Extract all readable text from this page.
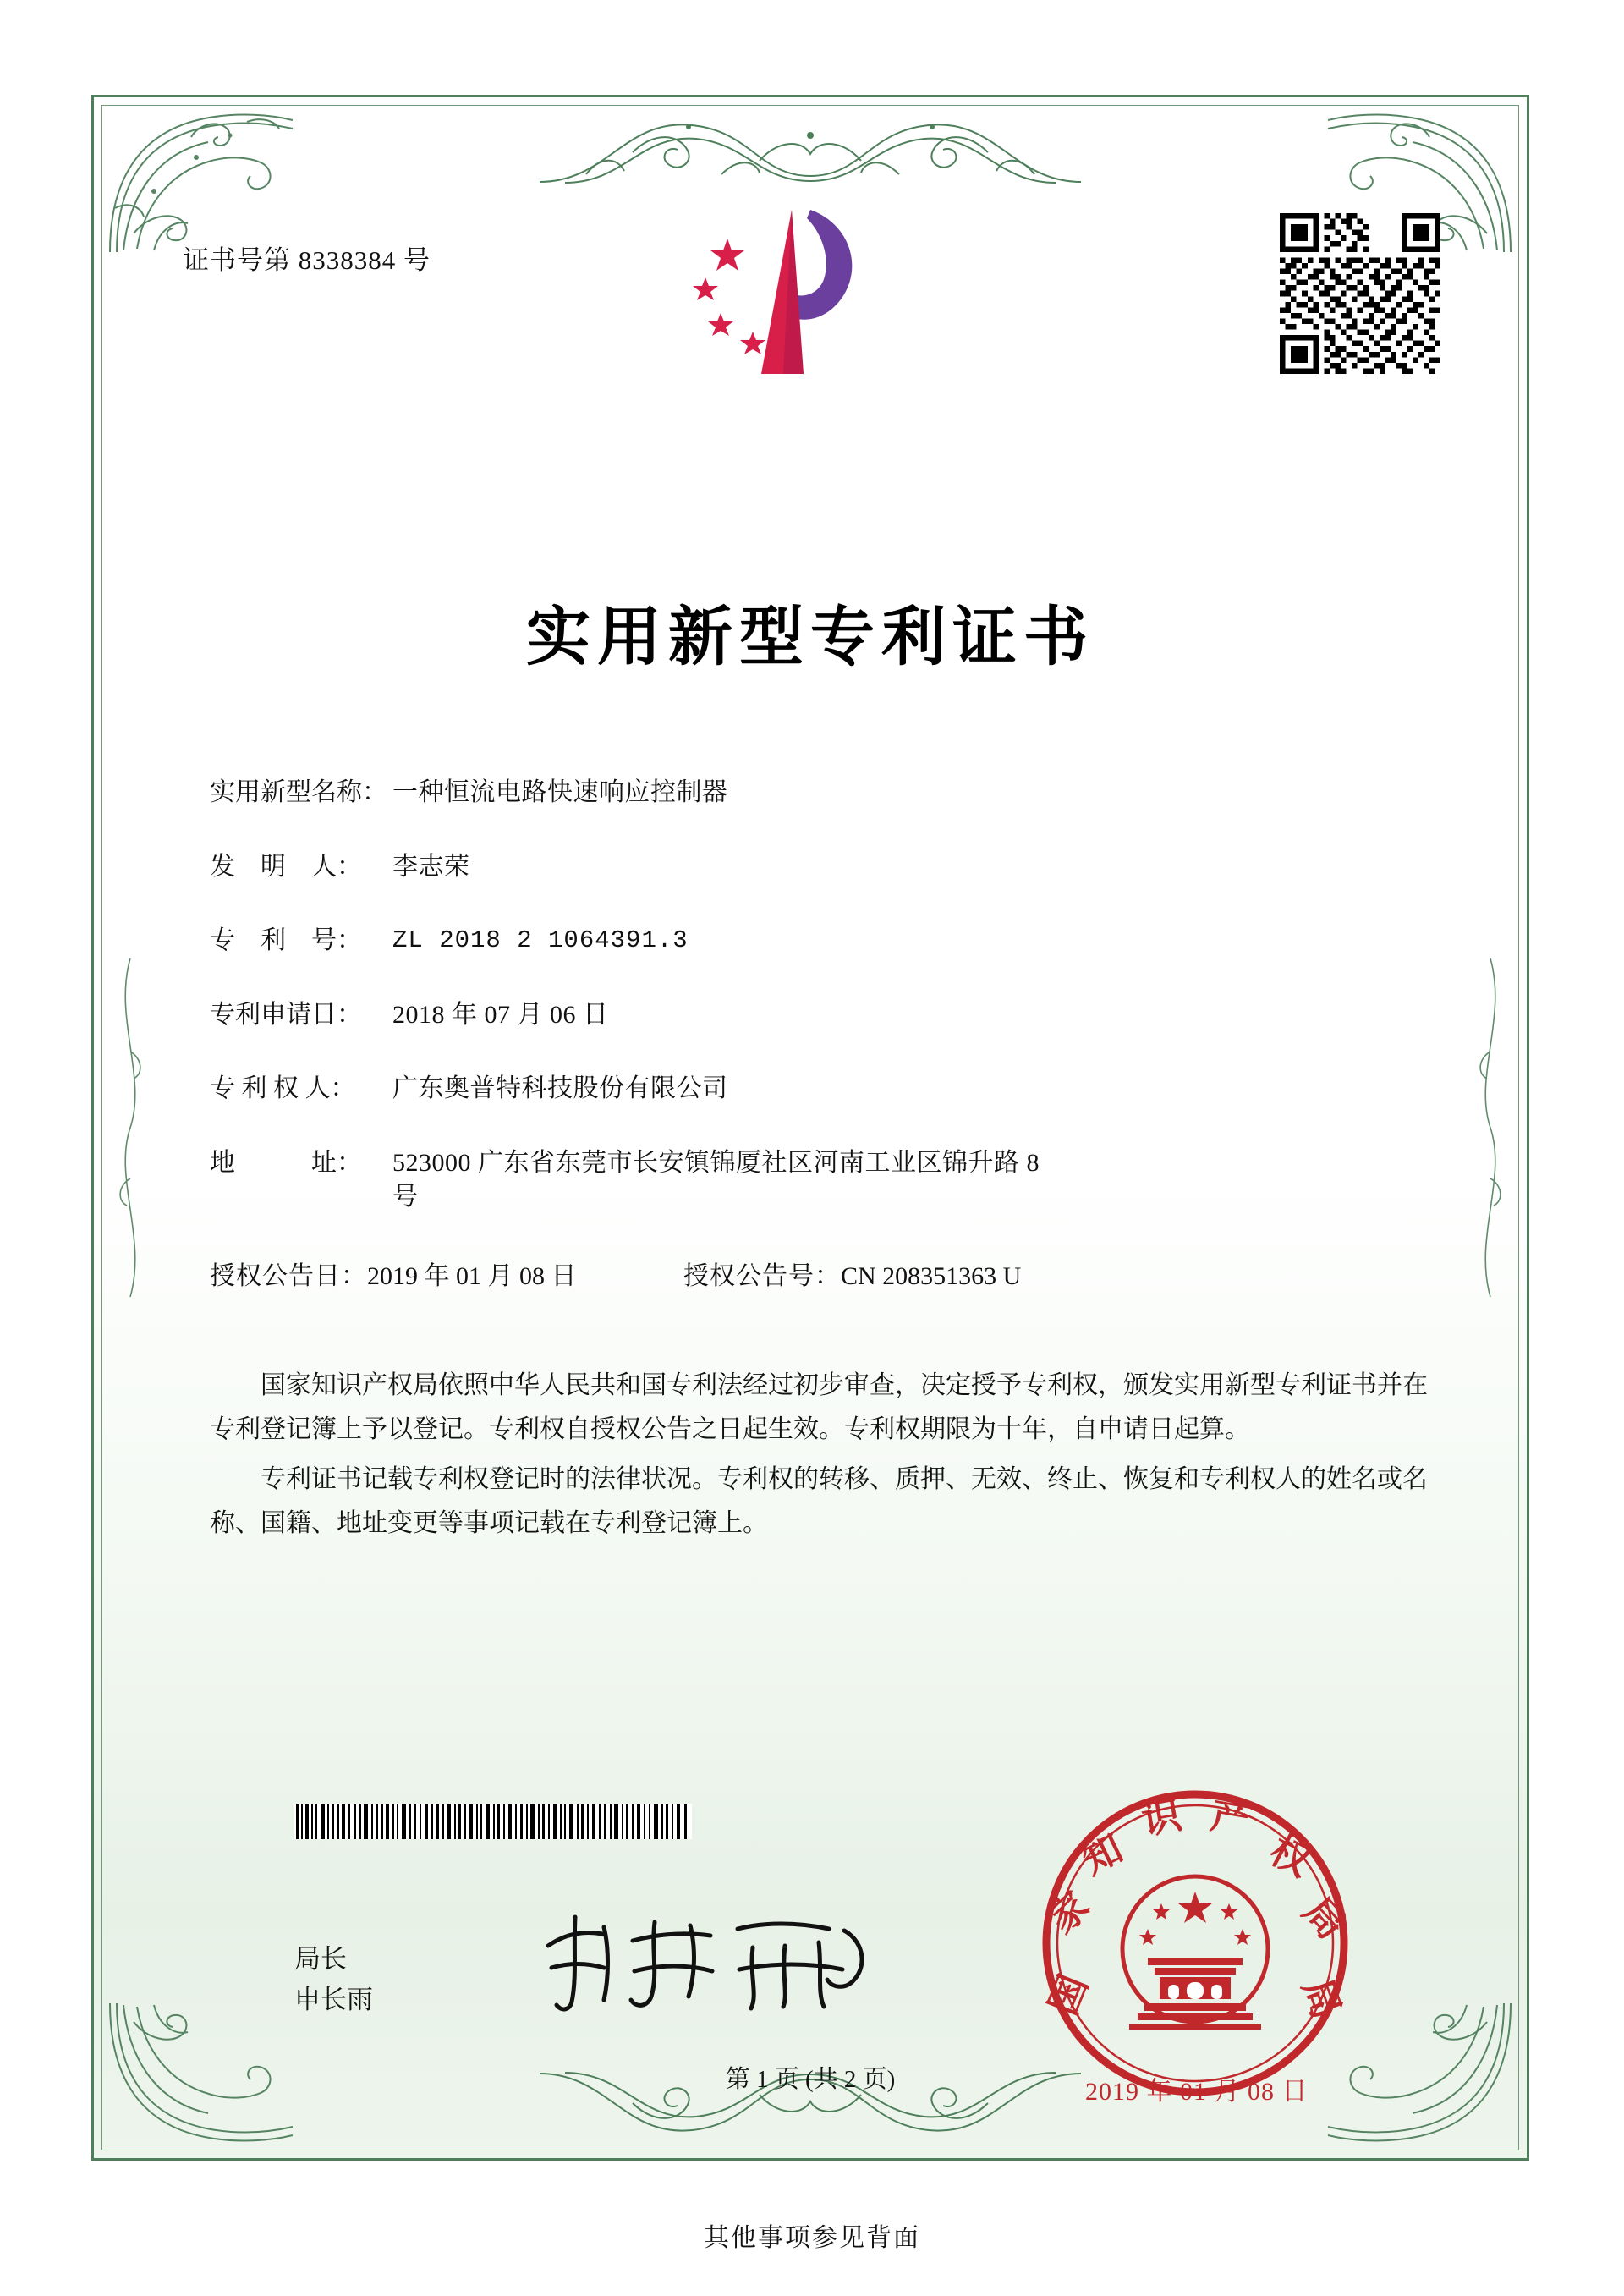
证书号第 8338384 号
实用新型专利证书
实用新型名称： 一种恒流电路快速响应控制器
发　明　人：	李志荣
专　利　号：	ZL 2018 2 1064391.3
专利申请日：	2018 年 07 月 06 日
专 利 权 人：	广东奥普特科技股份有限公司
地　　　址：	523000 广东省东莞市长安镇锦厦社区河南工业区锦升路 8
号
授权公告日：2019 年 01 月 08 日	授权公告号：CN 208351363 U

国家知识产权局依照中华人民共和国专利法经过初步审查，决定授予专利权，颁发实用新型专利证书并在专利登记簿上予以登记。专利权自授权公告之日起生效。专利权期限为十年，自申请日起算。

专利证书记载专利权登记时的法律状况。专利权的转移、质押、无效、终止、恢复和专利权人的姓名或名称、国籍、地址变更等事项记载在专利登记簿上。

局长
申长雨	国
家
知
识 产
权
局
局
2019 年 01 月 08 日
第 1 页 (共 2 页)
其他事项参见背面
